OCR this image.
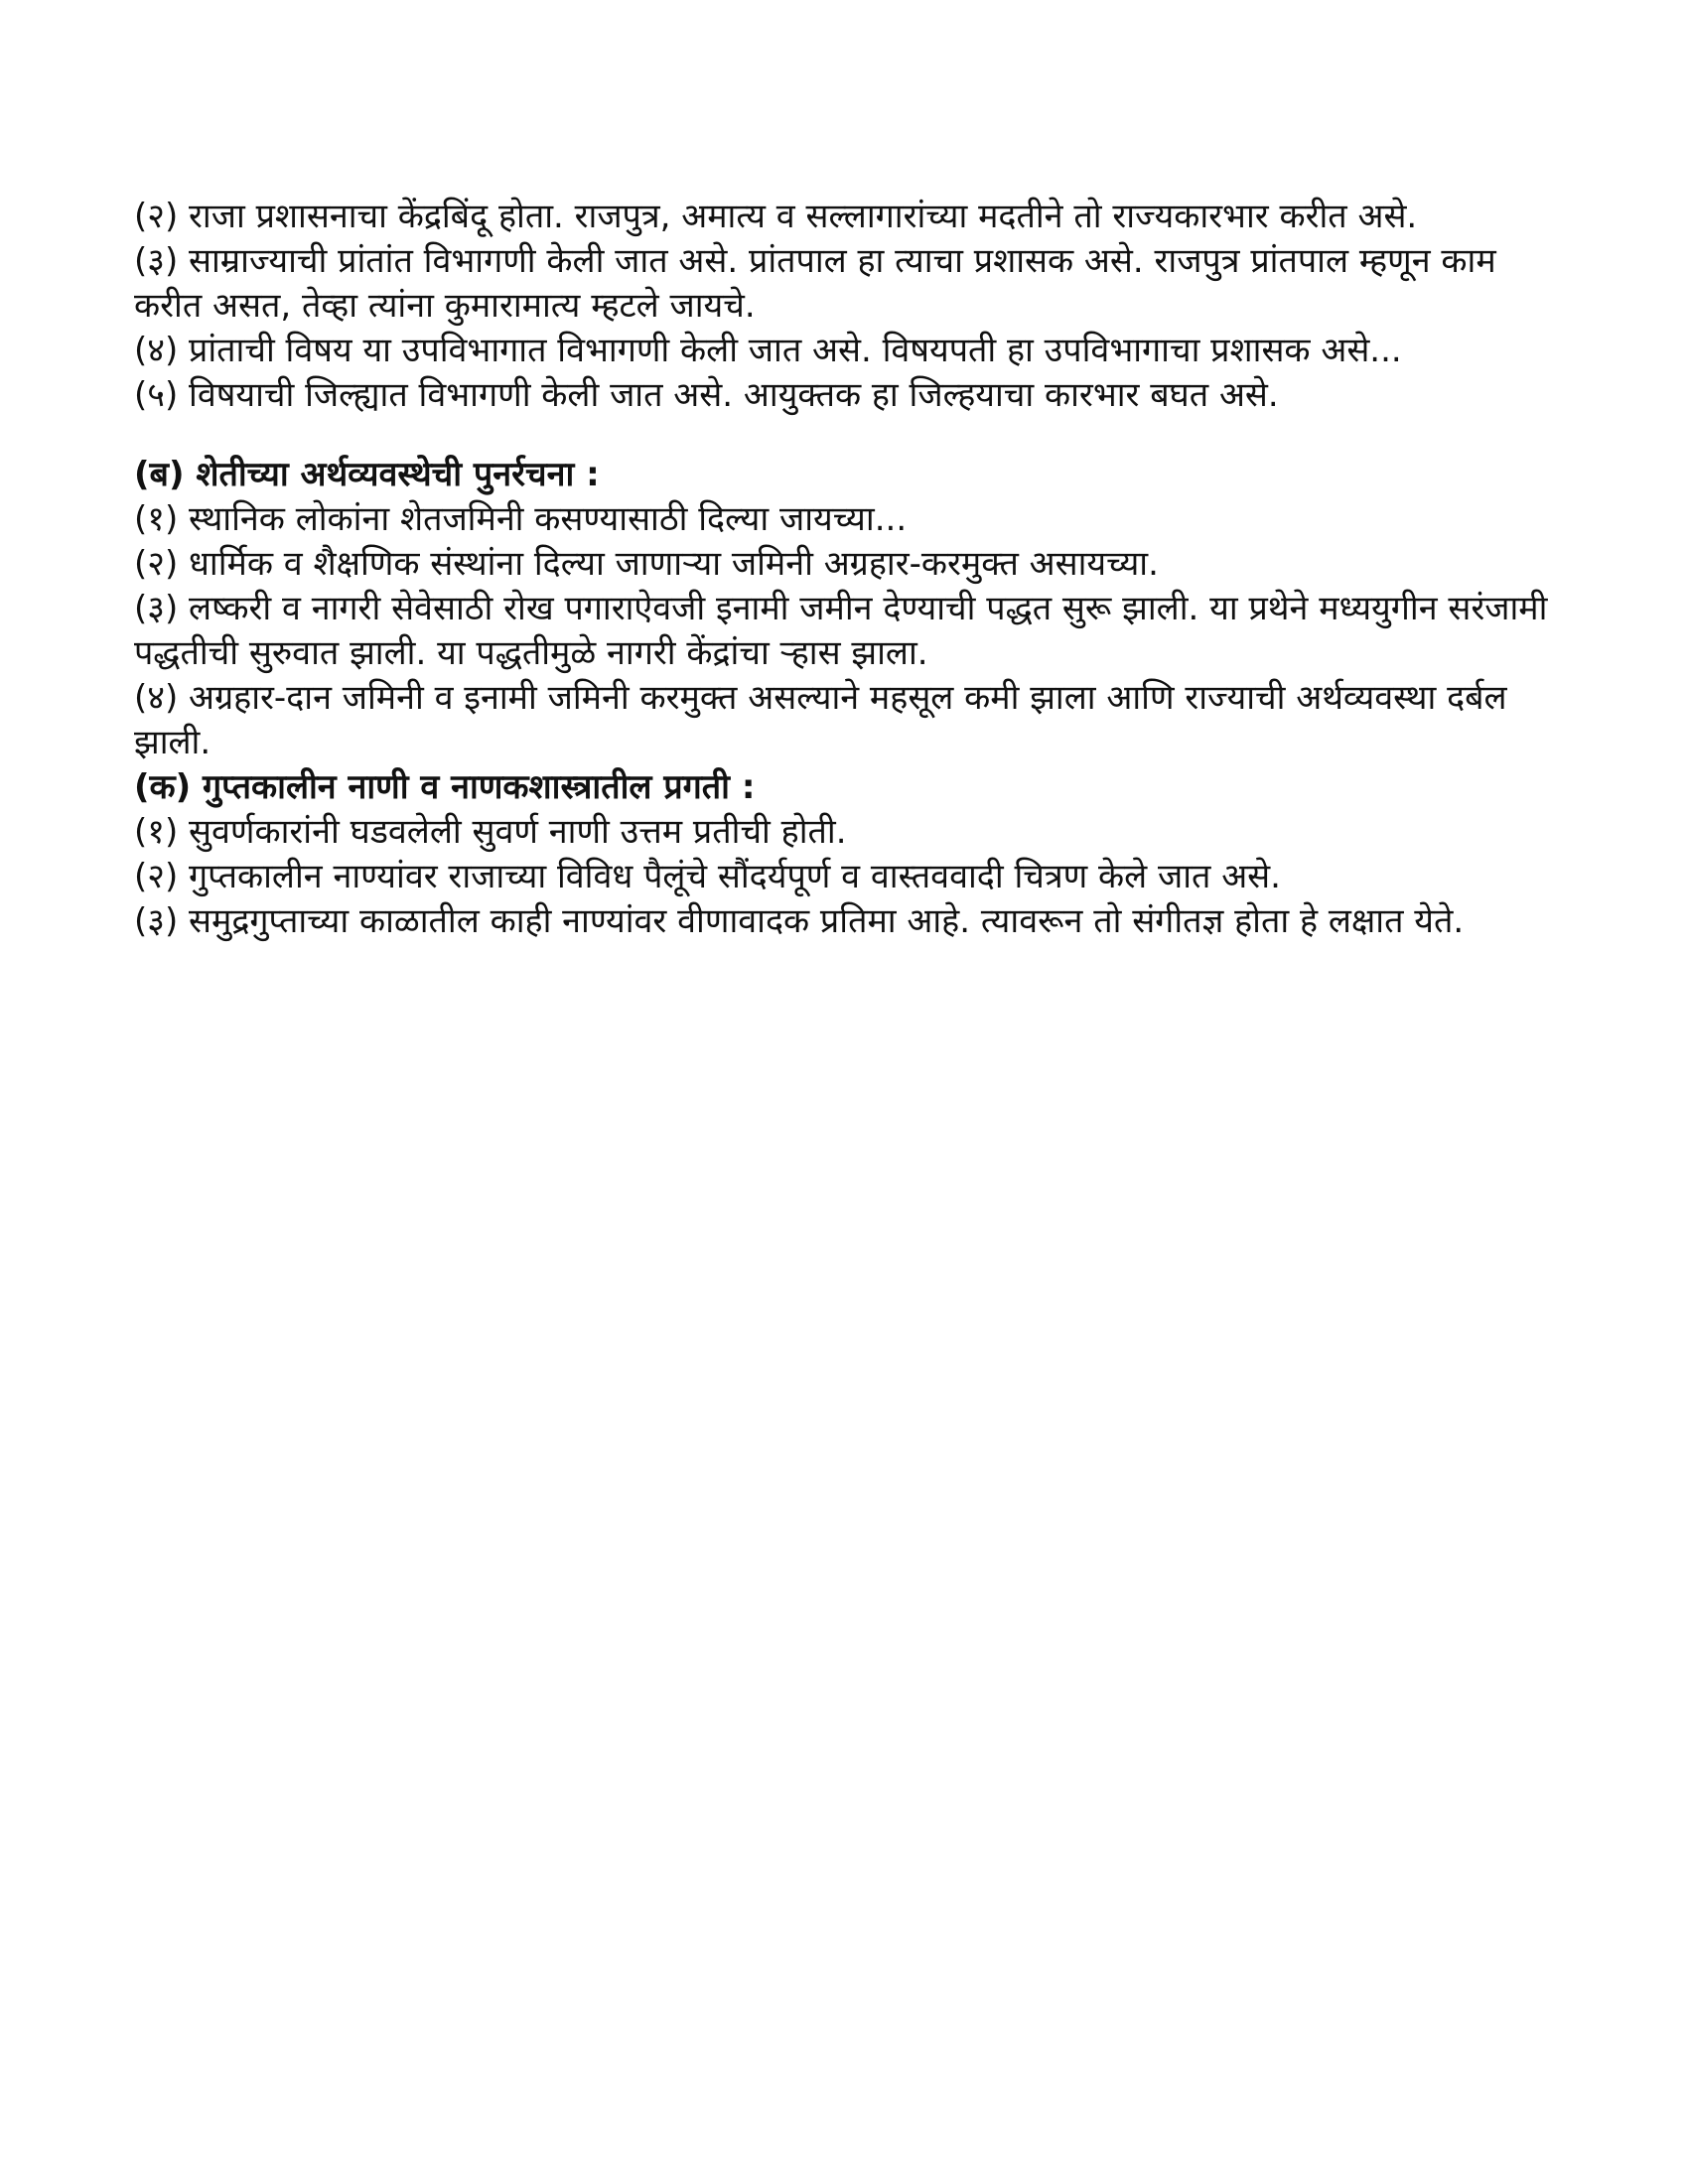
(२) राजा प्रशासनाचा केंद्रबिंदू होता. राजपुत्र, अमात्य व सल्लागारांच्या मदतीने तो राज्यकारभार करीत असे.

(३) साम्राज्याची प्रांतांत विभागणी केली जात असे. प्रांतपाल हा त्याचा प्रशासक असे. राजपुत्र प्रांतपाल म्हणून काम करीत असत, तेव्हा त्यांना कुमारामात्य म्हटले जायचे.

(४) प्रांताची विषय या उपविभागात विभागणी केली जात असे. विषयपती हा उपविभागाचा प्रशासक असे...

(५) विषयाची जिल्ह्यात विभागणी केली जात असे. आयुक्तक हा जिल्हयाचा कारभार बघत असे.

(ब) शेतीच्या अर्थव्यवस्थेची पुनर्रचना :

(१) स्थानिक लोकांना शेतजमिनी कसण्यासाठी दिल्या जायच्या...

(२) धार्मिक व शैक्षणिक संस्थांना दिल्या जाणाऱ्या जमिनी अग्रहार-करमुक्त असायच्या.

(३) लष्करी व नागरी सेवेसाठी रोख पगाराऐवजी इनामी जमीन देण्याची पद्धत सुरू झाली. या प्रथेने मध्ययुगीन सरंजामी पद्धतीची सुरुवात झाली. या पद्धतीमुळे नागरी केंद्रांचा ऱ्हास झाला.

(४) अग्रहार-दान जमिनी व इनामी जमिनी करमुक्त असल्याने महसूल कमी झाला आणि राज्याची अर्थव्यवस्था दर्बल झाली.

(क) गुप्तकालीन नाणी व नाणकशास्त्रातील प्रगती :

(१) सुवर्णकारांनी घडवलेली सुवर्ण नाणी उत्तम प्रतीची होती.

(२) गुप्तकालीन नाण्यांवर राजाच्या विविध पैलूंचे सौंदर्यपूर्ण व वास्तववादी चित्रण केले जात असे.

(३) समुद्रगुप्ताच्या काळातील काही नाण्यांवर वीणावादक प्रतिमा आहे. त्यावरून तो संगीतज्ञ होता हे लक्षात येते.
